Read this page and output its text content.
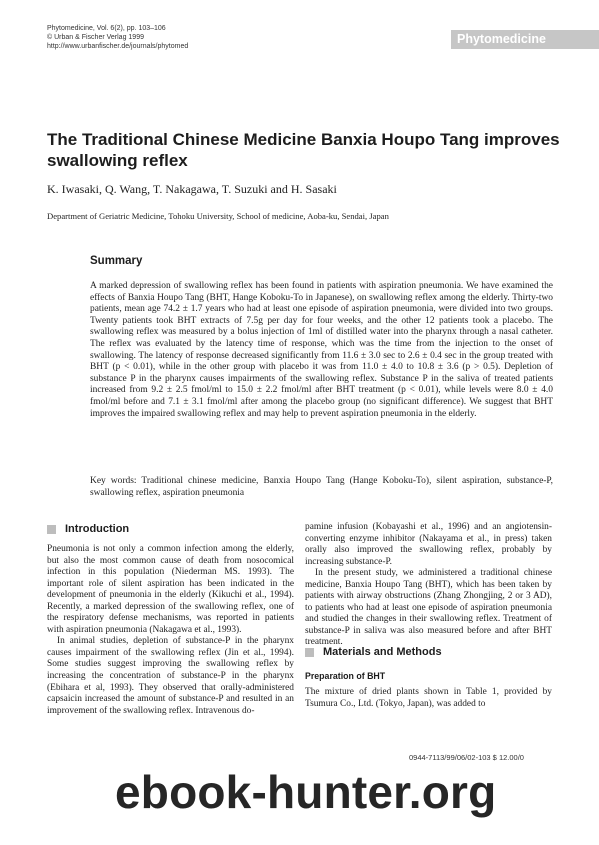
Phytomedicine, Vol. 6(2), pp. 103–106
© Urban & Fischer Verlag 1999
http://www.urbanfischer.de/journals/phytomed
Phytomedicine
The Traditional Chinese Medicine Banxia Houpo Tang improves swallowing reflex
K. Iwasaki, Q. Wang, T. Nakagawa, T. Suzuki and H. Sasaki
Department of Geriatric Medicine, Tohoku University, School of medicine, Aoba-ku, Sendai, Japan
Summary
A marked depression of swallowing reflex has been found in patients with aspiration pneumonia. We have examined the effects of Banxia Houpo Tang (BHT, Hange Koboku-To in Japanese), on swallowing reflex among the elderly. Thirty-two patients, mean age 74.2 ± 1.7 years who had at least one episode of aspiration pneumonia, were divided into two groups. Twenty patients took BHT extracts of 7.5g per day for four weeks, and the other 12 patients took a placebo. The swallowing reflex was measured by a bolus injection of 1ml of distilled water into the pharynx through a nasal catheter. The reflex was evaluated by the latency time of response, which was the time from the injection to the onset of swallowing. The latency of response decreased significantly from 11.6 ± 3.0 sec to 2.6 ± 0.4 sec in the group treated with BHT (p < 0.01), while in the other group with placebo it was from 11.0 ± 4.0 to 10.8 ± 3.6 (p > 0.5). Depletion of substance P in the pharynx causes impairments of the swallowing reflex. Substance P in the saliva of treated patients increased from 9.2 ± 2.5 fmol/ml to 15.0 ± 2.2 fmol/ml after BHT treatment (p < 0.01), while levels were 8.0 ± 4.0 fmol/ml before and 7.1 ± 3.1 fmol/ml after among the placebo group (no significant difference). We suggest that BHT improves the impaired swallowing reflex and may help to prevent aspiration pneumonia in the elderly.
Key words: Traditional chinese medicine, Banxia Houpo Tang (Hange Koboku-To), silent aspiration, substance-P, swallowing reflex, aspiration pneumonia
Introduction

Pneumonia is not only a common infection among the elderly, but also the most common cause of death from nosocomical infection in this population (Niederman MS. 1993). The important role of silent aspiration has been indicated in the development of pneumonia in the elderly (Kikuchi et al., 1994). Recently, a marked depression of the swallowing reflex, one of the respiratory defense mechanisms, was reported in patients with aspiration pneumonia (Nakagawa et al., 1993).

In animal studies, depletion of substance-P in the pharynx causes impairment of the swallowing reflex (Jin et al., 1994). Some studies suggest improving the swallowing reflex by increasing the concentration of substance-P in the pharynx (Ebihara et al, 1993). They observed that orally-administered capsaicin increased the amount of substance-P and resulted in an improvement of the swallowing reflex. Intravenous do-

pamine infusion (Kobayashi et al., 1996) and an angiotensin-converting enzyme inhibitor (Nakayama et al., in press) taken orally also improved the swallowing reflex, probably by increasing substance-P.

In the present study, we administered a traditional chinese medicine, Banxia Houpo Tang (BHT), which has been taken by patients with airway obstructions (Zhang Zhongjing, 2 or 3 AD), to patients who had at least one episode of aspiration pneumonia and studied the changes in their swallowing reflex. Treatment of substance-P in saliva was also measured before and after BHT treatment.

Materials and Methods
Preparation of BHT

The mixture of dried plants shown in Table 1, provided by Tsumura Co., Ltd. (Tokyo, Japan), was added to

0944-7113/99/06/02-103 $ 12.00/0
ebook-hunter.org
